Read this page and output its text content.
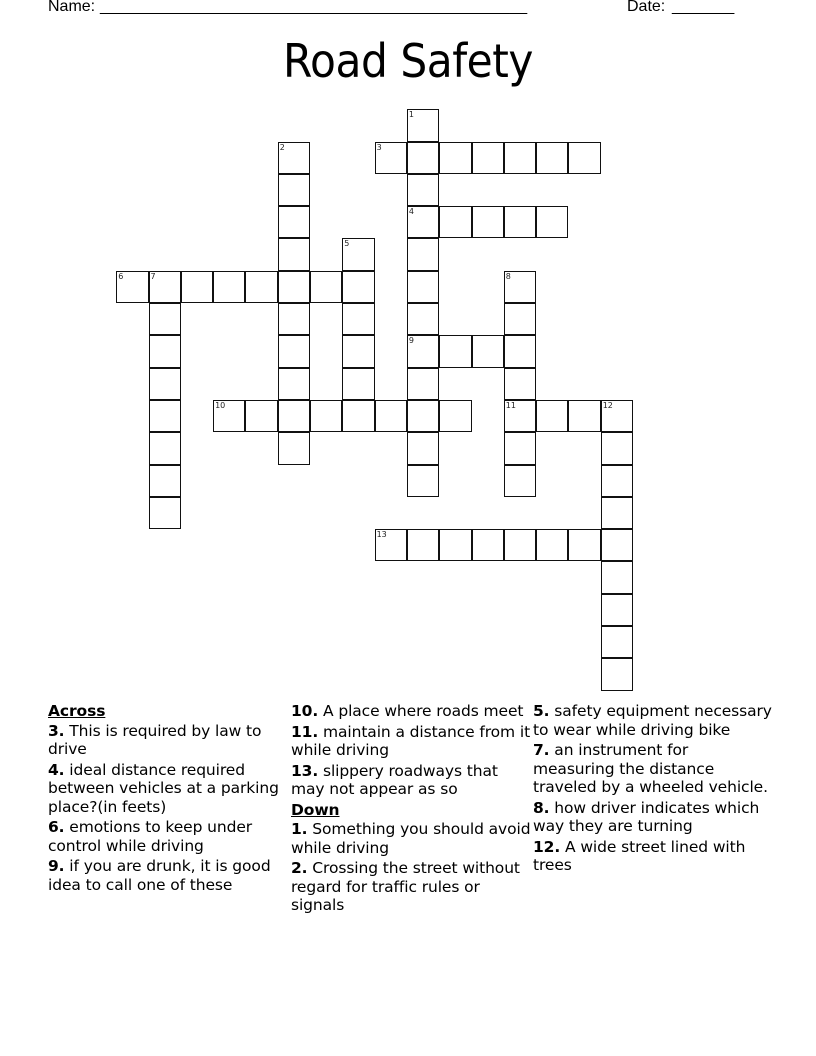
Name: ________________________________________________	Date: _______
Road Safety
1
4
9
2	3
5
6	7	8
11
10	12
13
Across
3. This is required by law to drive
4. ideal distance required between vehicles at a parking place?(in feets)
6. emotions to keep under control while driving
9. if you are drunk, it is good idea to call one of these
10. A place where roads meet
11. maintain a distance from it while driving
13. slippery roadways that may not appear as so
Down
1. Something you should avoid while driving
2. Crossing the street without regard for traffic rules or signals
5. safety equipment necessary to wear while driving bike
7. an instrument for measuring the distance traveled by a wheeled vehicle.
8. how driver indicates which way they are turning
12. A wide street lined with trees
